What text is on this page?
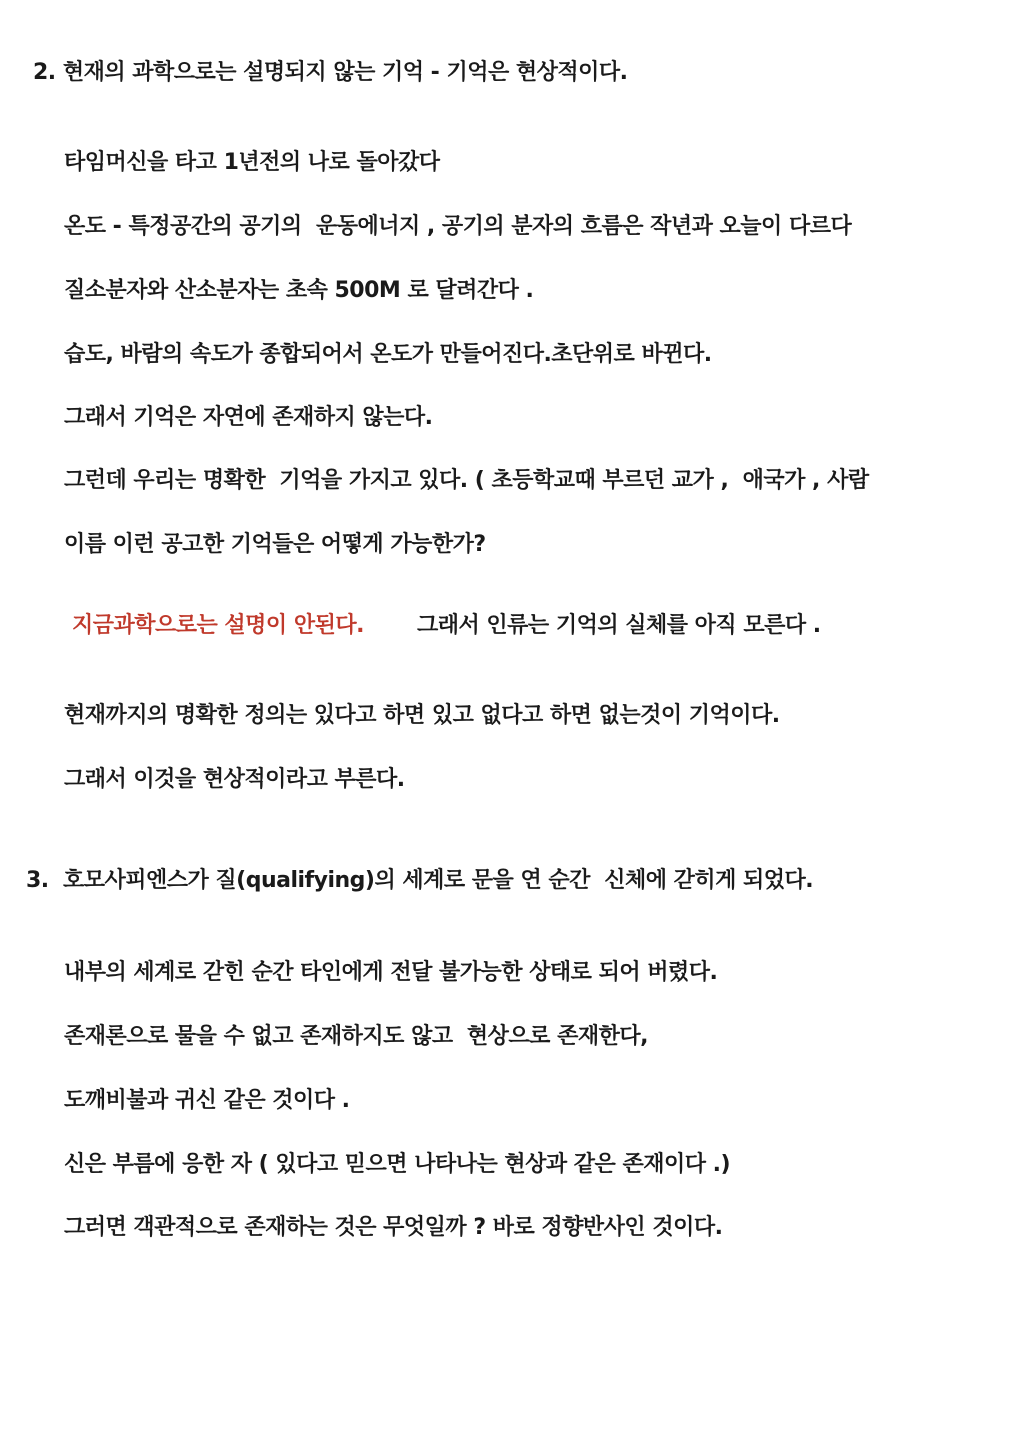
2. 현재의 과학으로는 설명되지 않는 기억 - 기억은 현상적이다.
타임머신을 타고 1년전의 나로 돌아갔다
온도 - 특정공간의 공기의  운동에너지 , 공기의 분자의 흐름은 작년과 오늘이 다르다
질소분자와 산소분자는 초속 500M 로 달려간다 .
습도, 바람의 속도가 종합되어서 온도가 만들어진다.초단위로 바뀐다.
그래서 기억은 자연에 존재하지 않는다.
그런데 우리는 명확한  기억을 가지고 있다. ( 초등학교때 부르던 교가 ,  애국가 , 사람
이름 이런 공고한 기억들은 어떻게 가능한가?
지금과학으로는 설명이 안된다. 그래서 인류는 기억의 실체를 아직 모른다 .
현재까지의 명확한 정의는 있다고 하면 있고 없다고 하면 없는것이 기억이다.
그래서 이것을 현상적이라고 부른다.
3.  호모사피엔스가 질(qualifying)의 세계로 문을 연 순간  신체에 갇히게 되었다.
내부의 세계로 갇힌 순간 타인에게 전달 불가능한 상태로 되어 버렸다.
존재론으로 물을 수 없고 존재하지도 않고  현상으로 존재한다,
도깨비불과 귀신 같은 것이다 .
신은 부름에 응한 자 ( 있다고 믿으면 나타나는 현상과 같은 존재이다 .)
그러면 객관적으로 존재하는 것은 무엇일까 ? 바로 정향반사인 것이다.
